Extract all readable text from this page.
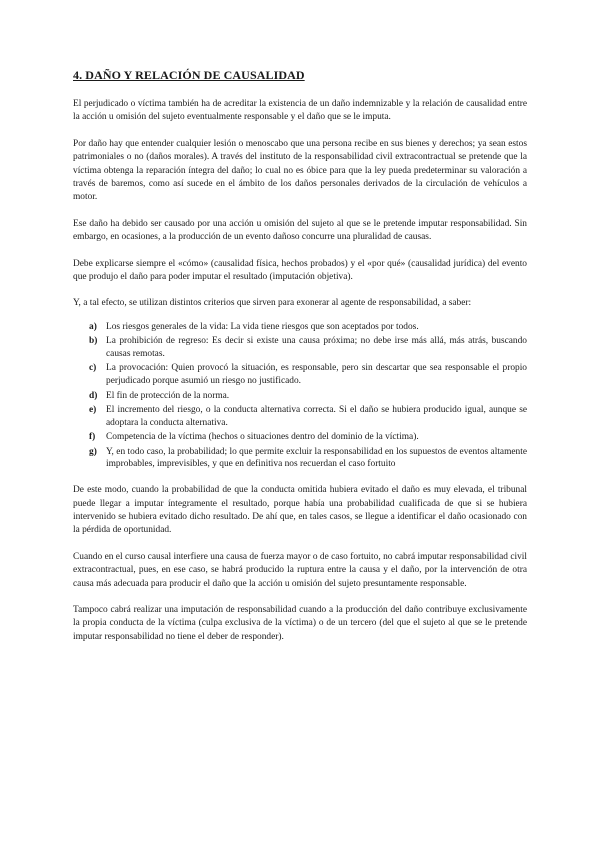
4. DAÑO Y RELACIÓN DE CAUSALIDAD

El perjudicado o víctima también ha de acreditar la existencia de un daño indemnizable y la relación de causalidad entre la acción u omisión del sujeto eventualmente responsable y el daño que se le imputa.

Por daño hay que entender cualquier lesión o menoscabo que una persona recibe en sus bienes y derechos; ya sean estos patrimoniales o no (daños morales). A través del instituto de la responsabilidad civil extracontractual se pretende que la víctima obtenga la reparación íntegra del daño; lo cual no es óbice para que la ley pueda predeterminar su valoración a través de baremos, como así sucede en el ámbito de los daños personales derivados de la circulación de vehículos a motor.

Ese daño ha debido ser causado por una acción u omisión del sujeto al que se le pretende imputar responsabilidad. Sin embargo, en ocasiones, a la producción de un evento dañoso concurre una pluralidad de causas.

Debe explicarse siempre el «cómo» (causalidad física, hechos probados) y el «por qué» (causalidad jurídica) del evento que produjo el daño para poder imputar el resultado (imputación objetiva).

Y, a tal efecto, se utilizan distintos criterios que sirven para exonerar al agente de responsabilidad, a saber:

a) Los riesgos generales de la vida: La vida tiene riesgos que son aceptados por todos.
b) La prohibición de regreso: Es decir si existe una causa próxima; no debe irse más allá, más atrás, buscando causas remotas.
c)	La provocación: Quien provocó la situación, es responsable, pero sin descartar que sea responsable el propio perjudicado porque asumió un riesgo no justificado.
d) El fin de protección de la norma.
e)	El incremento del riesgo, o la conducta alternativa correcta. Si el daño se hubiera producido igual, aunque se adoptara la conducta alternativa.
f)	Competencia de la víctima (hechos o situaciones dentro del dominio de la víctima).
g) Y, en todo caso, la probabilidad; lo que permite excluir la responsabilidad en los supuestos de eventos altamente improbables, imprevisibles, y que en definitiva nos recuerdan el caso fortuito

De este modo, cuando la probabilidad de que la conducta omitida hubiera evitado el daño es muy elevada, el tribunal puede llegar a imputar íntegramente el resultado, porque había una probabilidad cualificada de que si se hubiera intervenido se hubiera evitado dicho resultado. De ahí que, en tales casos, se llegue a identificar el daño ocasionado con la pérdida de oportunidad.

Cuando en el curso causal interfiere una causa de fuerza mayor o de caso fortuito, no cabrá imputar responsabilidad civil extracontractual, pues, en ese caso, se habrá producido la ruptura entre la causa y el daño, por la intervención de otra causa más adecuada para producir el daño que la acción u omisión del sujeto presuntamente responsable.

Tampoco cabrá realizar una imputación de responsabilidad cuando a la producción del daño contribuye exclusivamente la propia conducta de la víctima (culpa exclusiva de la víctima) o de un tercero (del que el sujeto al que se le pretende imputar responsabilidad no tiene el deber de responder).
